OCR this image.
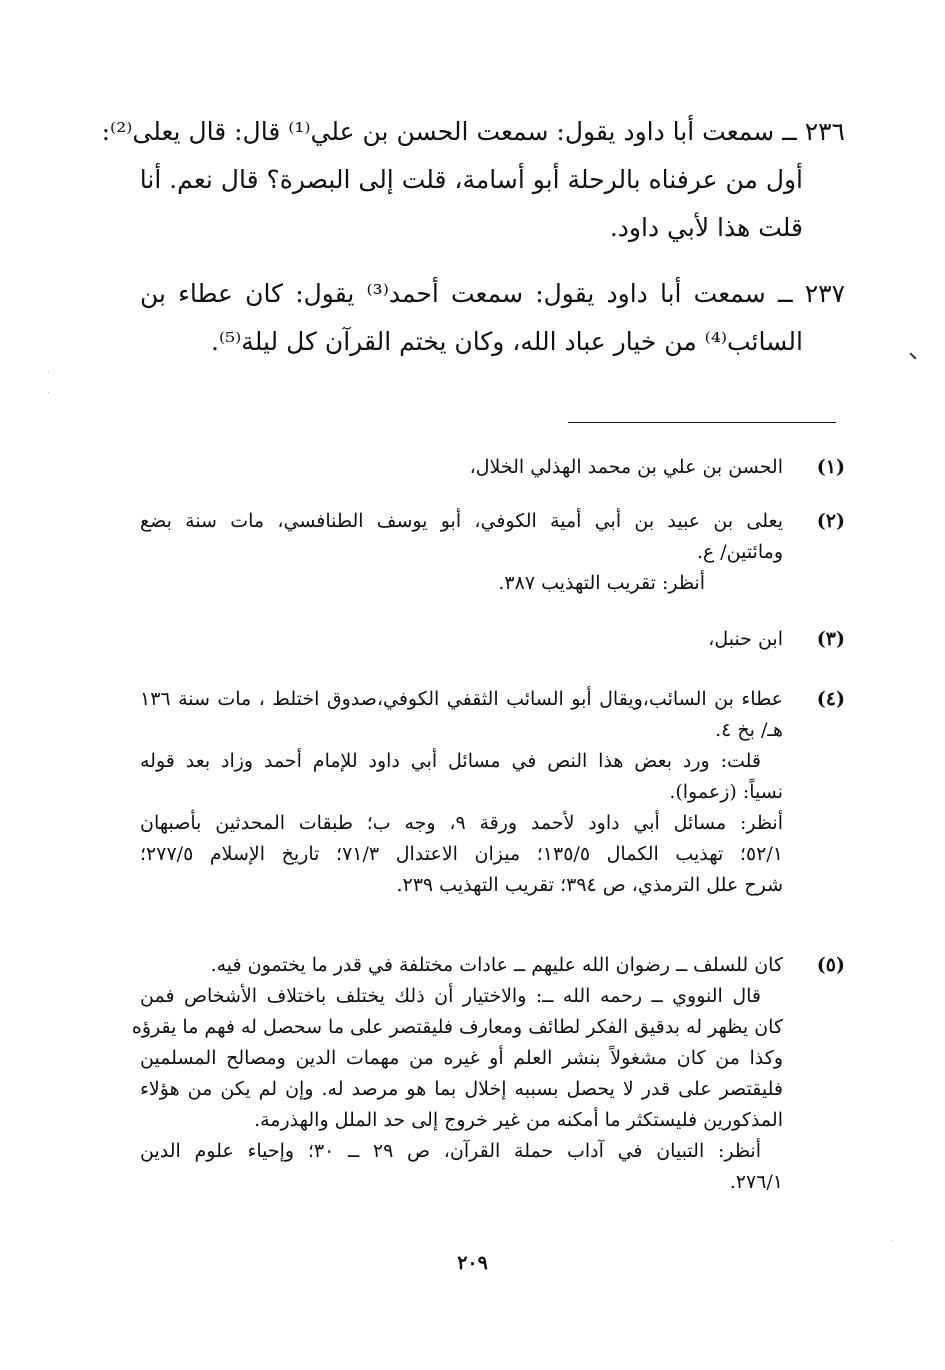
٢٣٦ ــ سمعت أبا داود يقول: سمعت الحسن بن علي⁽¹⁾ قال: قال يعلى⁽²⁾:
أول من عرفناه بالرحلة أبو أسامة، قلت إلى البصرة؟ قال نعم. أنا
قلت هذا لأبي داود.
٢٣٧ ــ سمعت أبا داود يقول: سمعت أحمد⁽³⁾ يقول: كان عطاء بن
السائب⁽⁴⁾ من خيار عباد الله، وكان يختم القرآن كل ليلة⁽⁵⁾.
(١)
الحسن بن علي بن محمد الهذلي الخلال،
(٢)
يعلى بن عبيد بن أبي أمية الكوفي، أبو يوسف الطنافسي، مات سنة بضع
ومائتين/ ع.
أنظر: تقريب التهذيب ٣٨٧.
(٣)
ابن حنبل،
(٤)
عطاء بن السائب،ويقال أبو السائب الثقفي الكوفي،صدوق اختلط ، مات سنة ١٣٦
هـ/ بخ ٤.
قلت: ورد بعض هذا النص في مسائل أبي داود للإمام أحمد وزاد بعد قوله
نسياً: (زعموا).
أنظر: مسائل أبي داود لأحمد ورقة ٩، وجه ب؛ طبقات المحدثين بأصبهان
٥٢/١؛ تهذيب الكمال ١٣٥/٥؛ ميزان الاعتدال ٧١/٣؛ تاريخ الإسلام ٢٧٧/٥؛
شرح علل الترمذي، ص ٣٩٤؛ تقريب التهذيب ٢٣٩.
(٥)
كان للسلف ــ رضوان الله عليهم ــ عادات مختلفة في قدر ما يختمون فيه.
قال النووي ــ رحمه الله ــ: والاختيار أن ذلك يختلف باختلاف الأشخاص فمن
كان يظهر له بدقيق الفكر لطائف ومعارف فليقتصر على ما سحصل له فهم ما يقرؤه
وكذا من كان مشغولاً بنشر العلم أو غيره من مهمات الدين ومصالح المسلمين
فليقتصر على قدر لا يحصل بسببه إخلال بما هو مرصد له. وإن لم يكن من هؤلاء
المذكورين فليستكثر ما أمكنه من غير خروج إلى حد الملل والهذرمة.
أنظر: التبيان في آداب حملة القرآن، ص ٢٩ ــ ٣٠؛ وإحياء علوم الدين
٢٧٦/١.
٢٠٩
